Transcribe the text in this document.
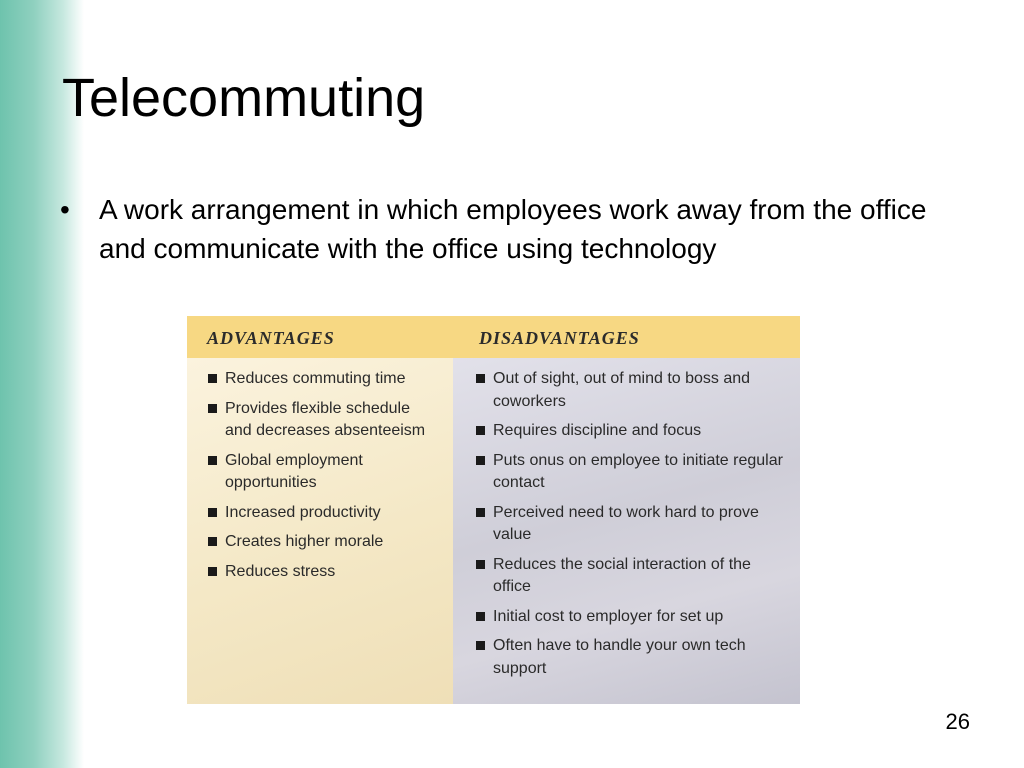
Telecommuting
•	A work arrangement in which employees work away from the office and communicate with the office using technology
ADVANTAGES	DISADVANTAGES
Reduces commuting time
Provides flexible schedule and decreases absenteeism
Global employment opportunities
Increased productivity
Creates higher morale
Reduces stress
Out of sight, out of mind to boss and coworkers
Requires discipline and focus
Puts onus on employee to initiate regular contact
Perceived need to work hard to prove value
Reduces the social interaction of the office
Initial cost to employer for set up
Often have to handle your own tech support
26
